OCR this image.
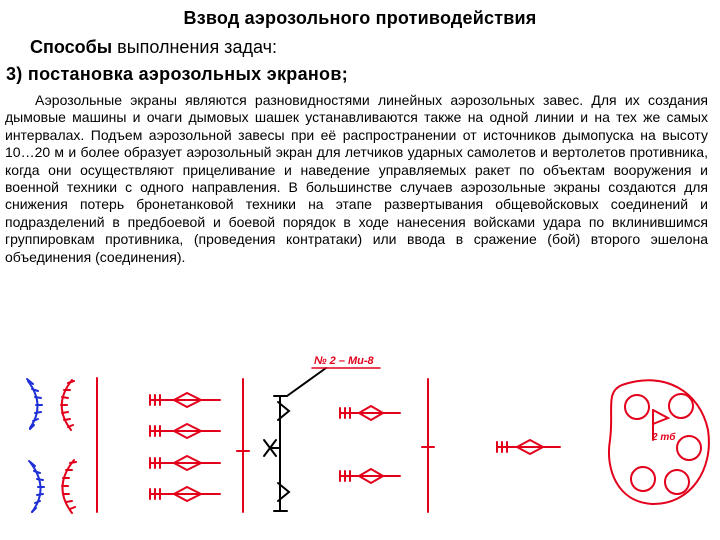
Взвод аэрозольного противодействия
Способы выполнения задач:
3) постановка аэрозольных экранов;
Аэрозольные экраны являются разновидностями линейных аэрозольных завес. Для их создания дымовые машины и очаги дымовых шашек устанавливаются также на одной линии и на тех же самых интервалах. Подъем аэрозольной завесы при её распространении от источников дымопуска на высоту 10…20 м и более образует аэрозольный экран для летчиков ударных самолетов и вертолетов противника, когда они осуществляют прицеливание и наведение управляемых ракет по объектам вооружения и военной техники с одного направления. В большинстве случаев аэрозольные экраны создаются для снижения потерь бронетанковой техники на этапе развертывания общевойсковых соединений и подразделений в предбоевой и боевой порядок в ходе нанесения войсками удара по вклинившимся группировкам противника, (проведения контратаки) или ввода в сражение (бой) второго эшелона объединения (соединения).
№ 2 – Ми-8
2 тб
